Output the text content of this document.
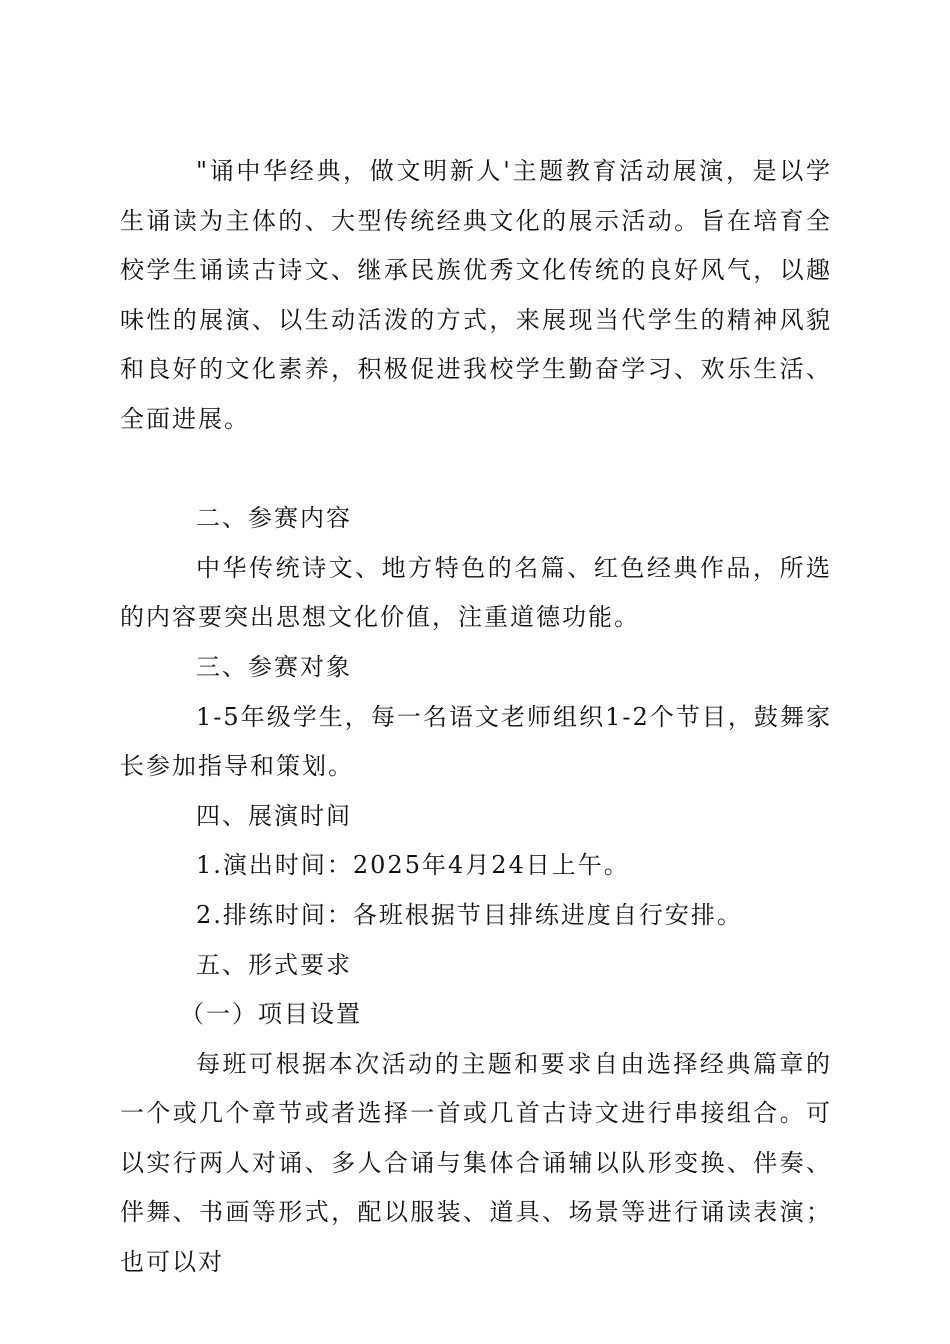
"诵中华经典，做文明新人'主题教育活动展演，是以学生诵读为主体的、大型传统经典文化的展示活动。旨在培育全校学生诵读古诗文、继承民族优秀文化传统的良好风气，以趣味性的展演、以生动活泼的方式，来展现当代学生的精神风貌和良好的文化素养，积极促进我校学生勤奋学习、欢乐生活、全面进展。

二、参赛内容

中华传统诗文、地方特色的名篇、红色经典作品，所选的内容要突出思想文化价值，注重道德功能。

三、参赛对象

1-5年级学生，每一名语文老师组织1-2个节目，鼓舞家长参加指导和策划。

四、展演时间

1.演出时间：2025年4月24日上午。

2.排练时间：各班根据节目排练进度自行安排。

五、形式要求

（一）项目设置

每班可根据本次活动的主题和要求自由选择经典篇章的一个或几个章节或者选择一首或几首古诗文进行串接组合。可以实行两人对诵、多人合诵与集体合诵辅以队形变换、伴奏、伴舞、书画等形式，配以服装、道具、场景等进行诵读表演；也可以对
